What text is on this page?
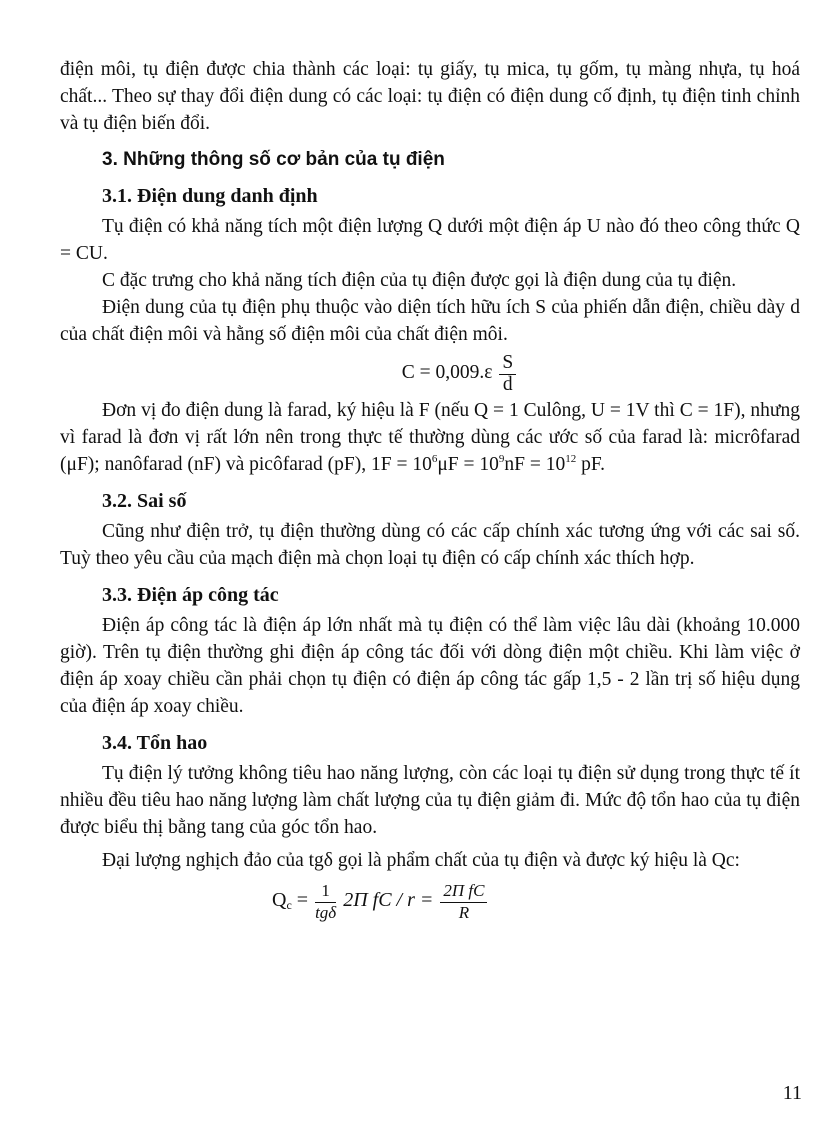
điện môi, tụ điện được chia thành các loại: tụ giấy, tụ mica, tụ gốm, tụ màng nhựa, tụ hoá chất... Theo sự thay đổi điện dung có các loại: tụ điện có điện dung cố định, tụ điện tinh chỉnh và tụ điện biến đổi.

3. Những thông số cơ bản của tụ điện
3.1. Điện dung danh định

Tụ điện có khả năng tích một điện lượng Q dưới một điện áp U nào đó theo công thức Q = CU.

C đặc trưng cho khả năng tích điện của tụ điện được gọi là điện dung của tụ điện.

Điện dung của tụ điện phụ thuộc vào diện tích hữu ích S của phiến dẫn điện, chiều dày d của chất điện môi và hằng số điện môi của chất điện môi.

$C = 0,009.\varepsilon \frac{S}{d}$

Đơn vị đo điện dung là farad, ký hiệu là F (nếu Q = 1 Culông, U = 1V thì C = 1F), nhưng vì farad là đơn vị rất lớn nên trong thực tế thường dùng các ước số của farad là: micrôfarad (μF); nanôfarad (nF) và picôfarad (pF), $1F = 10^6\mu F = 10^9nF = 10^{12}$ pF.

3.2. Sai số

Cũng như điện trở, tụ điện thường dùng có các cấp chính xác tương ứng với các sai số. Tuỳ theo yêu cầu của mạch điện mà chọn loại tụ điện có cấp chính xác thích hợp.

3.3. Điện áp công tác

Điện áp công tác là điện áp lớn nhất mà tụ điện có thể làm việc lâu dài (khoảng 10.000 giờ). Trên tụ điện thường ghi điện áp công tác đối với dòng điện một chiều. Khi làm việc ở điện áp xoay chiều cần phải chọn tụ điện có điện áp công tác gấp 1,5 - 2 lần trị số hiệu dụng của điện áp xoay chiều.

3.4. Tổn hao

Tụ điện lý tưởng không tiêu hao năng lượng, còn các loại tụ điện sử dụng trong thực tế ít nhiều đều tiêu hao năng lượng làm chất lượng của tụ điện giảm đi. Mức độ tổn hao của tụ điện được biểu thị bằng tang của góc tổn hao.

Đại lượng nghịch đảo của tgδ gọi là phẩm chất của tụ điện và được ký hiệu là Qc:

$Q_c = \frac{1}{\text{tgδ}} 2\Pi$ fC / $r = \frac{\text{2Π fC}}{R}$
11
